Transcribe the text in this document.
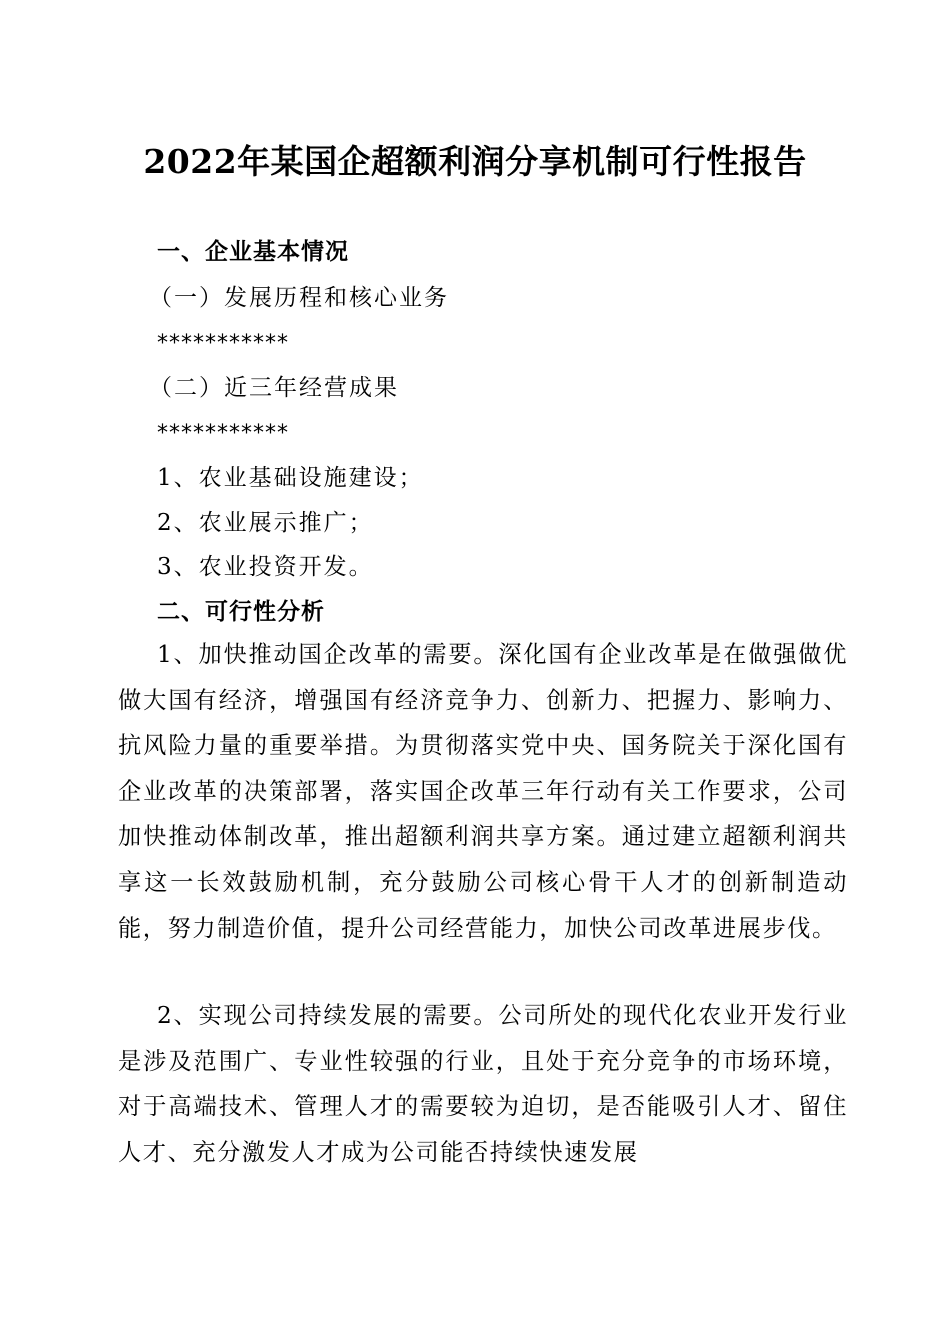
2022年某国企超额利润分享机制可行性报告
一、企业基本情况
（一）发展历程和核心业务
***********
（二）近三年经营成果
***********
1、农业基础设施建设；
2、农业展示推广；
3、农业投资开发。
二、可行性分析
1、加快推动国企改革的需要。深化国有企业改革是在做强做优做大国有经济，增强国有经济竞争力、创新力、把握力、影响力、抗风险力量的重要举措。为贯彻落实党中央、国务院关于深化国有企业改革的决策部署，落实国企改革三年行动有关工作要求，公司加快推动体制改革，推出超额利润共享方案。通过建立超额利润共享这一长效鼓励机制，充分鼓励公司核心骨干人才的创新制造动能，努力制造价值，提升公司经营能力，加快公司改革进展步伐。
2、实现公司持续发展的需要。公司所处的现代化农业开发行业是涉及范围广、专业性较强的行业，且处于充分竞争的市场环境，对于高端技术、管理人才的需要较为迫切，是否能吸引人才、留住人才、充分激发人才成为公司能否持续快速发展
